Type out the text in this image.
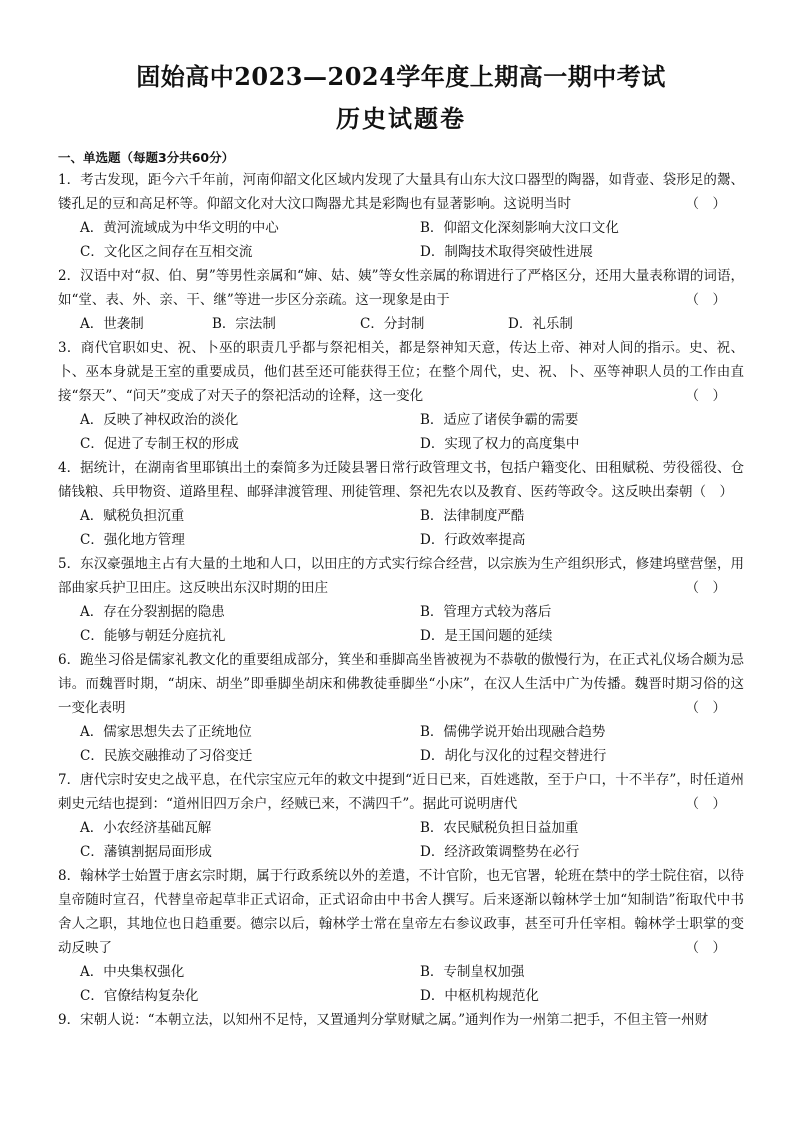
固始高中2023—2024学年度上期高一期中考试
历史试题卷
一、单选题（每题3分共60分）

1．考古发现，距今六千年前，河南仰韶文化区域内发现了大量具有山东大汶口器型的陶器，如背壶、袋形足的鬶、镂孔足的豆和高足杯等。仰韶文化对大汶口陶器尤其是彩陶也有显著影响。这说明当时	（　）

A．黄河流域成为中华文明的中心	B．仰韶文化深刻影响大汶口文化
C．文化区之间存在互相交流	D．制陶技术取得突破性进展

2．汉语中对“叔、伯、舅”等男性亲属和“婶、姑、姨”等女性亲属的称谓进行了严格区分，还用大量表称谓的词语，如“堂、表、外、亲、干、继”等进一步区分亲疏。这一现象是由于	（　）

A．世袭制	B．宗法制	C．分封制	D．礼乐制

3．商代官职如史、祝、卜巫的职责几乎都与祭祀相关，都是祭神知天意，传达上帝、神对人间的指示。史、祝、卜、巫本身就是王室的重要成员，他们甚至还可能获得王位；在整个周代，史、祝、卜、巫等神职人员的工作由直接“祭天”、“问天”变成了对天子的祭祀活动的诠释，这一变化	（　）

A．反映了神权政治的淡化	B．适应了诸侯争霸的需要
C．促进了专制王权的形成	D．实现了权力的高度集中

4．据统计，在湖南省里耶镇出土的秦简多为迁陵县署日常行政管理文书，包括户籍变化、田租赋税、劳役徭役、仓储钱粮、兵甲物资、道路里程、邮驿津渡管理、刑徒管理、祭祀先农以及教育、医药等政令。这反映出秦朝（　）

A．赋税负担沉重	B．法律制度严酷
C．强化地方管理	D．行政效率提高

5．东汉豪强地主占有大量的土地和人口，以田庄的方式实行综合经营，以宗族为生产组织形式，修建坞壁营堡，用部曲家兵护卫田庄。这反映出东汉时期的田庄	（　）

A．存在分裂割据的隐患	B．管理方式较为落后
C．能够与朝廷分庭抗礼	D．是王国问题的延续

6．跪坐习俗是儒家礼教文化的重要组成部分，箕坐和垂脚高坐皆被视为不恭敬的傲慢行为，在正式礼仪场合颇为忌讳。而魏晋时期，“胡床、胡坐”即垂脚坐胡床和佛教徒垂脚坐“小床”，在汉人生活中广为传播。魏晋时期习俗的这一变化表明	（　）

A．儒家思想失去了正统地位	B．儒佛学说开始出现融合趋势
C．民族交融推动了习俗变迁	D．胡化与汉化的过程交替进行

7．唐代宗时安史之战平息，在代宗宝应元年的敕文中提到“近日已来，百姓逃散，至于户口，十不半存”，时任道州刺史元结也提到：“道州旧四万余户，经贼已来，不满四千”。据此可说明唐代	（　）

A．小农经济基础瓦解	B．农民赋税负担日益加重
C．藩镇割据局面形成	D．经济政策调整势在必行

8．翰林学士始置于唐玄宗时期，属于行政系统以外的差遣，不计官阶，也无官署，轮班在禁中的学士院住宿，以待皇帝随时宣召，代替皇帝起草非正式诏命，正式诏命由中书舍人撰写。后来逐渐以翰林学士加“知制诰”衔取代中书舍人之职，其地位也日趋重要。德宗以后，翰林学士常在皇帝左右参议政事，甚至可升任宰相。翰林学士职掌的变动反映了	（　）

A．中央集权强化	B．专制皇权加强
C．官僚结构复杂化	D．中枢机构规范化

9．宋朝人说：“本朝立法，以知州不足恃，又置通判分掌财赋之属。”通判作为一州第二把手，不但主管一州财
